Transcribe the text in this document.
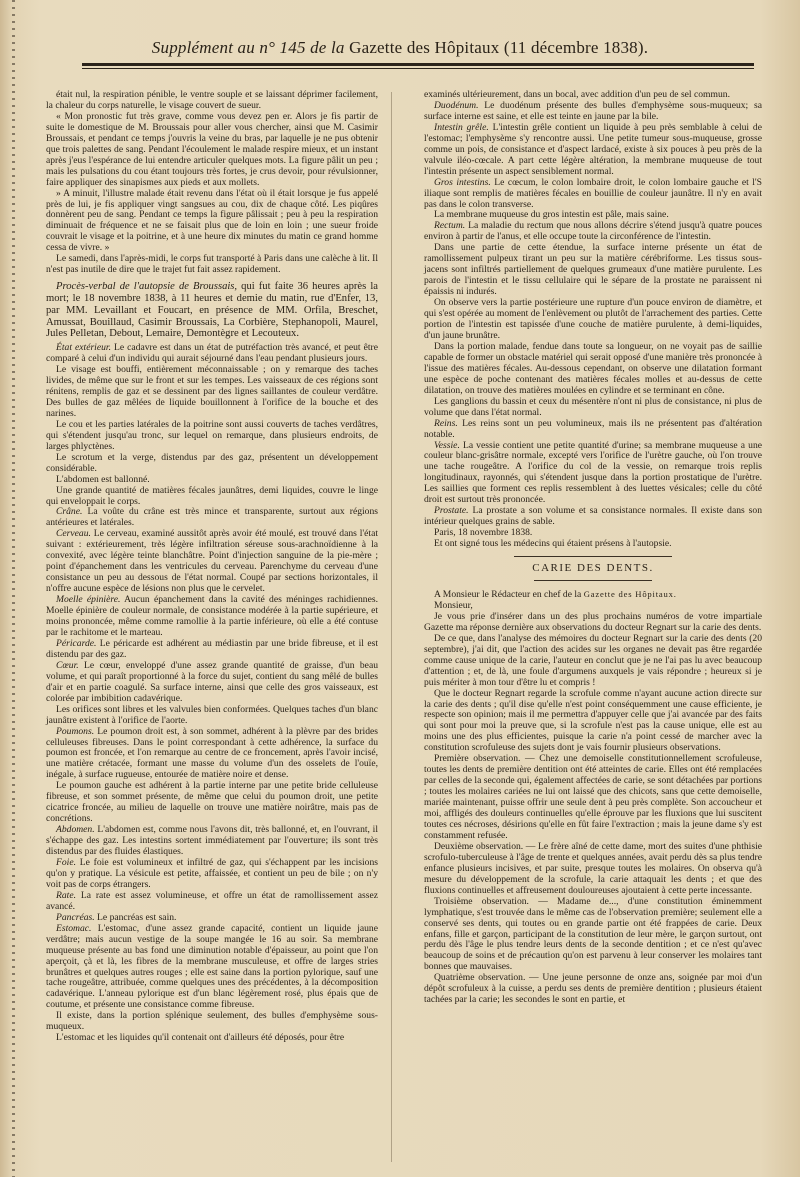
Supplément au n° 145 de la Gazette des Hôpitaux (11 décembre 1838).

était nul, la respiration pénible, le ventre souple et se laissant déprimer facilement, la chaleur du corps naturelle, le visage couvert de sueur.

« Mon pronostic fut très grave, comme vous devez pen er. Alors je fis partir de suite le domestique de M. Broussais pour aller vous chercher, ainsi que M. Casimir Broussais, et pendant ce temps j'ouvris la veine du bras, par laquelle je ne pus obtenir que trois palettes de sang. Pendant l'écoulement le malade respire mieux, et un instant après j'eus l'espérance de lui entendre articuler quelques mots. La figure pâlit un peu ; mais les pulsations du cou étant toujours très fortes, je crus devoir, pour révulsionner, faire appliquer des sinapismes aux pieds et aux mollets.

» A minuit, l'illustre malade était revenu dans l'état où il était lorsque je fus appelé près de lui, je fis appliquer vingt sangsues au cou, dix de chaque côté. Les piqûres donnèrent peu de sang. Pendant ce temps la figure pâlissait ; peu à peu la respiration diminuait de fréquence et ne se faisait plus que de loin en loin ; une sueur froide couvrait le visage et la poitrine, et à une heure dix minutes du matin ce grand homme cessa de vivre. »

Le samedi, dans l'après-midi, le corps fut transporté à Paris dans une calèche à lit. Il n'est pas inutile de dire que le trajet fut fait assez rapidement.

Procès-verbal de l'autopsie de Broussais, qui fut faite 36 heures après la mort; le 18 novembre 1838, à 11 heures et demie du matin, rue d'Enfer, 13, par MM. Levaillant et Foucart, en présence de MM. Orfila, Breschet, Amussat, Bouillaud, Casimir Broussais, La Corbière, Stephanopoli, Maurel, Jules Pelletan, Debout, Lemaire, Demontègre et Lecouteux.

État extérieur. Le cadavre est dans un état de putréfaction très avancé, et peut être comparé à celui d'un individu qui aurait séjourné dans l'eau pendant plusieurs jours.

Le visage est bouffi, entièrement méconnaissable ; on y remarque des taches livides, de même que sur le front et sur les tempes. Les vaisseaux de ces régions sont rénitens, remplis de gaz et se dessinent par des lignes saillantes de couleur verdâtre. Des bulles de gaz mêlées de liquide bouillonnent à l'orifice de la bouche et des narines.

Le cou et les parties latérales de la poitrine sont aussi couverts de taches verdâtres, qui s'étendent jusqu'au tronc, sur lequel on remarque, dans plusieurs endroits, de larges phlyctènes.

Le scrotum et la verge, distendus par des gaz, présentent un développement considérable.

L'abdomen est ballonné.

Une grande quantité de matières fécales jaunâtres, demi liquides, couvre le linge qui enveloppait le corps.

Crâne. La voûte du crâne est très mince et transparente, surtout aux régions antérieures et latérales.

Cerveau. Le cerveau, examiné aussitôt après avoir été moulé, est trouvé dans l'état suivant : extérieurement, très légère infiltration séreuse sous-arachnoïdienne à la convexité, avec légère teinte blanchâtre. Point d'injection sanguine de la pie-mère ; point d'épanchement dans les ventricules du cerveau. Parenchyme du cerveau d'une consistance un peu au dessous de l'état normal. Coupé par sections horizontales, il n'offre aucune espèce de lésions non plus que le cervelet.

Moelle épinière. Aucun épanchement dans la cavité des méninges rachidiennes. Moelle épinière de couleur normale, de consistance modérée à la partie supérieure, et moins prononcée, même comme ramollie à la partie inférieure, où elle a été contuse par le rachitome et le marteau.

Péricarde. Le péricarde est adhérent au médiastin par une bride fibreuse, et il est distendu par des gaz.

Cœur. Le cœur, enveloppé d'une assez grande quantité de graisse, d'un beau volume, et qui paraît proportionné à la force du sujet, contient du sang mêlé de bulles d'air et en partie coagulé. Sa surface interne, ainsi que celle des gros vaisseaux, est colorée par imbibition cadavérique.

Les orifices sont libres et les valvules bien conformées. Quelques taches d'un blanc jaunâtre existent à l'orifice de l'aorte.

Poumons. Le poumon droit est, à son sommet, adhérent à la plèvre par des brides celluleuses fibreuses. Dans le point correspondant à cette adhérence, la surface du poumon est froncée, et l'on remarque au centre de ce froncement, après l'avoir incisé, une matière crétacée, formant une masse du volume d'un des osselets de l'ouïe, inégale, à surface rugueuse, entourée de matière noire et dense.

Le poumon gauche est adhérent à la partie interne par une petite bride celluleuse fibreuse, et son sommet présente, de même que celui du poumon droit, une petite cicatrice froncée, au milieu de laquelle on trouve une matière noirâtre, mais pas de concrétions.

Abdomen. L'abdomen est, comme nous l'avons dit, très ballonné, et, en l'ouvrant, il s'échappe des gaz. Les intestins sortent immédiatement par l'ouverture; ils sont très distendus par des fluides élastiques.

Foie. Le foie est volumineux et infiltré de gaz, qui s'échappent par les incisions qu'on y pratique. La vésicule est petite, affaissée, et contient un peu de bile ; on n'y voit pas de corps étrangers.

Rate. La rate est assez volumineuse, et offre un état de ramollissement assez avancé.

Pancréas. Le pancréas est sain.

Estomac. L'estomac, d'une assez grande capacité, contient un liquide jaune verdâtre; mais aucun vestige de la soupe mangée le 16 au soir. Sa membrane muqueuse présente au bas fond une diminution notable d'épaisseur, au point que l'on aperçoit, çà et là, les fibres de la membrane musculeuse, et offre de larges stries brunâtres et quelques autres rouges ; elle est saine dans la portion pylorique, sauf une tache rougeâtre, attribuée, comme quelques unes des précédentes, à la décomposition cadavérique. L'anneau pylorique est d'un blanc légèrement rosé, plus épais que de coutume, et présente une consistance comme fibreuse.

Il existe, dans la portion splénique seulement, des bulles d'emphysème sous-muqueux.

L'estomac et les liquides qu'il contenait ont d'ailleurs été déposés, pour être

examinés ultérieurement, dans un bocal, avec addition d'un peu de sel commun.

Duodénum. Le duodénum présente des bulles d'emphysème sous-muqueux; sa surface interne est saine, et elle est teinte en jaune par la bile.

Intestin grêle. L'intestin grêle contient un liquide à peu près semblable à celui de l'estomac; l'emphysème s'y rencontre aussi. Une petite tumeur sous-muqueuse, grosse comme un pois, de consistance et d'aspect lardacé, existe à six pouces à peu près de la valvule iléo-cœcale. A part cette légère altération, la membrane muqueuse de tout l'intestin présente un aspect sensiblement normal.

Gros intestins. Le cœcum, le colon lombaire droit, le colon lombaire gauche et l'S iliaque sont remplis de matières fécales en bouillie de couleur jaunâtre. Il n'y en avait pas dans le colon transverse.

La membrane muqueuse du gros intestin est pâle, mais saine.

Rectum. La maladie du rectum que nous allons décrire s'étend jusqu'à quatre pouces environ à partir de l'anus, et elle occupe toute la circonférence de l'intestin.

Dans une partie de cette étendue, la surface interne présente un état de ramollissement pulpeux tirant un peu sur la matière cérébriforme. Les tissus sous-jacens sont infiltrés partiellement de quelques grumeaux d'une matière purulente. Les parois de l'intestin et le tissu cellulaire qui le sépare de la prostate ne paraissent ni épaissis ni indurés.

On observe vers la partie postérieure une rupture d'un pouce environ de diamètre, et qui s'est opérée au moment de l'enlèvement ou plutôt de l'arrachement des parties. Cette portion de l'intestin est tapissée d'une couche de matière purulente, à demi-liquides, d'un jaune brunâtre.

Dans la portion malade, fendue dans toute sa longueur, on ne voyait pas de saillie capable de former un obstacle matériel qui serait opposé d'une manière très prononcée à l'issue des matières fécales. Au-dessous cependant, on observe une dilatation formant une espèce de poche contenant des matières fécales molles et au-dessus de cette dilatation, on trouve des matières moulées en cylindre et se terminant en cône.

Les ganglions du bassin et ceux du mésentère n'ont ni plus de consistance, ni plus de volume que dans l'état normal.

Reins. Les reins sont un peu volumineux, mais ils ne présentent pas d'altération notable.

Vessie. La vessie contient une petite quantité d'urine; sa membrane muqueuse a une couleur blanc-grisâtre normale, excepté vers l'orifice de l'urètre gauche, où l'on trouve une tache rougeâtre. A l'orifice du col de la vessie, on remarque trois replis longitudinaux, rayonnés, qui s'étendent jusque dans la portion prostatique de l'urètre. Les saillies que forment ces replis ressemblent à des luettes vésicales; celle du côté droit est surtout très prononcée.

Prostate. La prostate a son volume et sa consistance normales. Il existe dans son intérieur quelques grains de sable.

Paris, 18 novembre 1838.

Et ont signé tous les médecins qui étaient présens à l'autopsie.

CARIE DES DENTS.

A Monsieur le Rédacteur en chef de la Gazette des Hôpitaux.

Monsieur,

Je vous prie d'insérer dans un des plus prochains numéros de votre impartiale Gazette ma réponse dernière aux observations du docteur Regnart sur la carie des dents.

De ce que, dans l'analyse des mémoires du docteur Regnart sur la carie des dents (20 septembre), j'ai dit, que l'action des acides sur les organes ne devait pas être regardée comme cause unique de la carie, l'auteur en conclut que je ne l'ai pas lu avec beaucoup d'attention ; et, de là, une foule d'argumens auxquels je vais répondre ; heureux si je puis mériter à mon tour d'être lu et compris !

Que le docteur Regnart regarde la scrofule comme n'ayant aucune action directe sur la carie des dents ; qu'il dise qu'elle n'est point conséquemment une cause efficiente, je respecte son opinion; mais il me permettra d'appuyer celle que j'ai avancée par des faits qui sont pour moi la preuve que, si la scrofule n'est pas la cause unique, elle est au moins une des plus efficientes, puisque la carie n'a point cessé de marcher avec la constitution scrofuleuse des sujets dont je vais fournir plusieurs observations.

Première observation. — Chez une demoiselle constitutionnellement scrofuleuse, toutes les dents de première dentition ont été atteintes de carie. Elles ont été remplacées par celles de la seconde qui, également affectées de carie, se sont détachées par portions ; toutes les molaires cariées ne lui ont laissé que des chicots, sans que cette demoiselle, mariée maintenant, puisse offrir une seule dent à peu près complète. Son accoucheur et moi, affligés des douleurs continuelles qu'elle éprouve par les fluxions que lui suscitent toutes ces nécroses, désirions qu'elle en fût faire l'extraction ; mais la jeune dame s'y est constamment refusée.

Deuxième observation. — Le frère aîné de cette dame, mort des suites d'une phthisie scrofulo-tuberculeuse à l'âge de trente et quelques années, avait perdu dès sa plus tendre enfance plusieurs incisives, et par suite, presque toutes les molaires. On observa qu'à mesure du développement de la scrofule, la carie attaquait les dents ; et que des fluxions continuelles et affreusement douloureuses ajoutaient à cette perte incessante.

Troisième observation. — Madame de..., d'une constitution éminemment lymphatique, s'est trouvée dans le même cas de l'observation première; seulement elle a conservé ses dents, qui toutes ou en grande partie ont été frappées de carie. Deux enfans, fille et garçon, participant de la constitution de leur mère, le garçon surtout, ont perdu dès l'âge le plus tendre leurs dents de la seconde dentition ; et ce n'est qu'avec beaucoup de soins et de précaution qu'on est parvenu à leur conserver les molaires tant bonnes que mauvaises.

Quatrième observation. — Une jeune personne de onze ans, soignée par moi d'un dépôt scrofuleux à la cuisse, a perdu ses dents de première dentition ; plusieurs étaient tachées par la carie; les secondes le sont en partie, et
